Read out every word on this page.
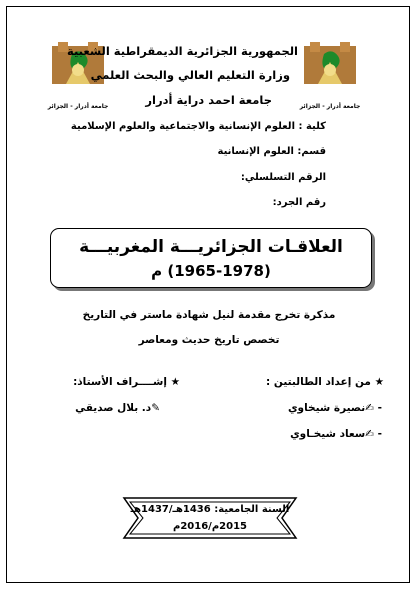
جامعة أدرار - الجزائر	جامعة أدرار - الجزائر
الجمهورية الجزائرية الديمقراطية الشعبية
وزارة التعليم العالي والبحث العلمي
جامعة احمد دراية أدرار
كلية : العلوم الإنسانية والاجتماعية والعلوم الإسلامية
قسم: العلوم الإنسانية
الرقم التسلسلي:
رقم الجرد:
العلاقـات الجزائريـــة المغربيـــة
(1965-1978) م
مذكرة تخرج مقدمة لنيل شهادة ماستر في التاريخ
تخصص تاريخ حديث ومعاصر
★ من إعداد الطالبتين :
- ✍نصيرة شيخاوي
- ✍سعاد شيخـاوي
★ إشــــراف الأستاذ:
✎د. بلال صديقي
السنة الجامعية: 1436هـ/1437هـ
2015م/2016م
